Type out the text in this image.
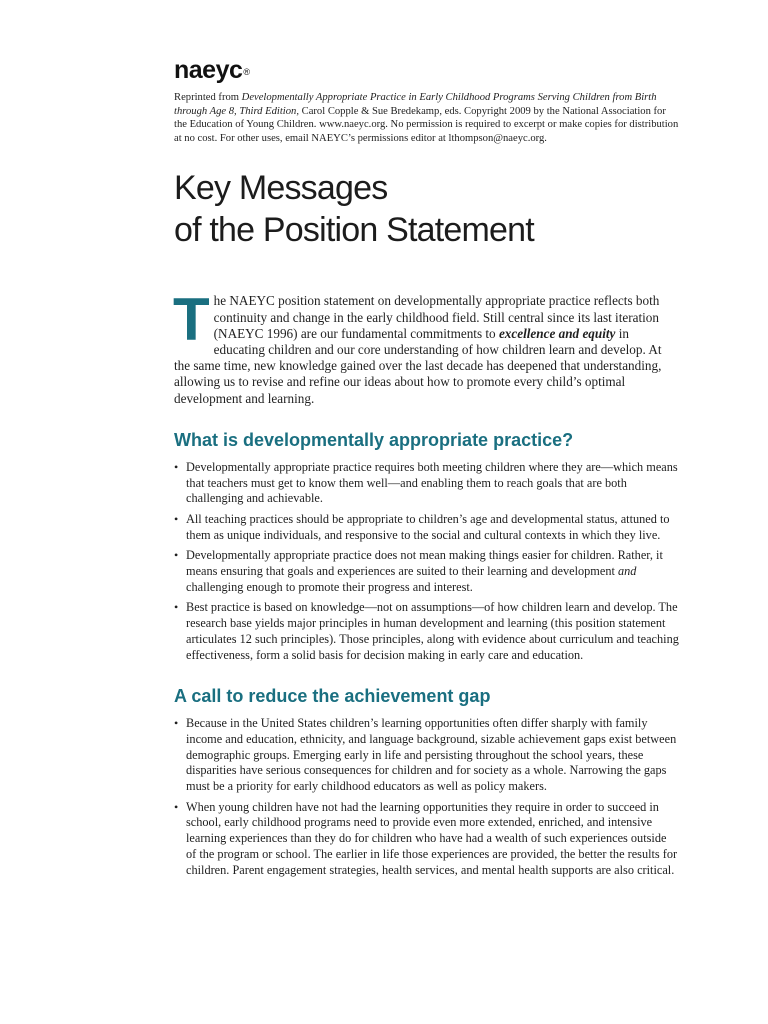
naeyc®
Reprinted from Developmentally Appropriate Practice in Early Childhood Programs Serving Children from Birth through Age 8, Third Edition, Carol Copple & Sue Bredekamp, eds. Copyright 2009 by the National Association for the Education of Young Children. www.naeyc.org. No permission is required to excerpt or make copies for distribution at no cost. For other uses, email NAEYC’s permissions editor at lthompson@naeyc.org.
Key Messages
of the Position Statement
The NAEYC position statement on developmentally appropriate practice reflects both continuity and change in the early childhood field. Still central since its last iteration (NAEYC 1996) are our fundamental commitments to excellence and equity in educating children and our core understanding of how children learn and develop. At the same time, new knowledge gained over the last decade has deepened that understanding, allowing us to revise and refine our ideas about how to promote every child’s optimal development and learning.
What is developmentally appropriate practice?
• Developmentally appropriate practice requires both meeting children where they are—which means that teachers must get to know them well—and enabling them to reach goals that are both challenging and achievable.
• All teaching practices should be appropriate to children’s age and developmental status, attuned to them as unique individuals, and responsive to the social and cultural contexts in which they live.
• Developmentally appropriate practice does not mean making things easier for children. Rather, it means ensuring that goals and experiences are suited to their learning and development and challenging enough to promote their progress and interest.
• Best practice is based on knowledge—not on assumptions—of how children learn and develop. The research base yields major principles in human development and learning (this position statement articulates 12 such principles). Those principles, along with evidence about curriculum and teaching effectiveness, form a solid basis for decision making in early care and education.
A call to reduce the achievement gap
• Because in the United States children’s learning opportunities often differ sharply with family income and education, ethnicity, and language background, sizable achievement gaps exist between demographic groups. Emerging early in life and persisting throughout the school years, these disparities have serious consequences for children and for society as a whole. Narrowing the gaps must be a priority for early childhood educators as well as policy makers.
• When young children have not had the learning opportunities they require in order to succeed in school, early childhood programs need to provide even more extended, enriched, and intensive learning experiences than they do for children who have had a wealth of such experiences outside of the program or school. The earlier in life those experiences are provided, the better the results for children. Parent engagement strategies, health services, and mental health supports are also critical.
